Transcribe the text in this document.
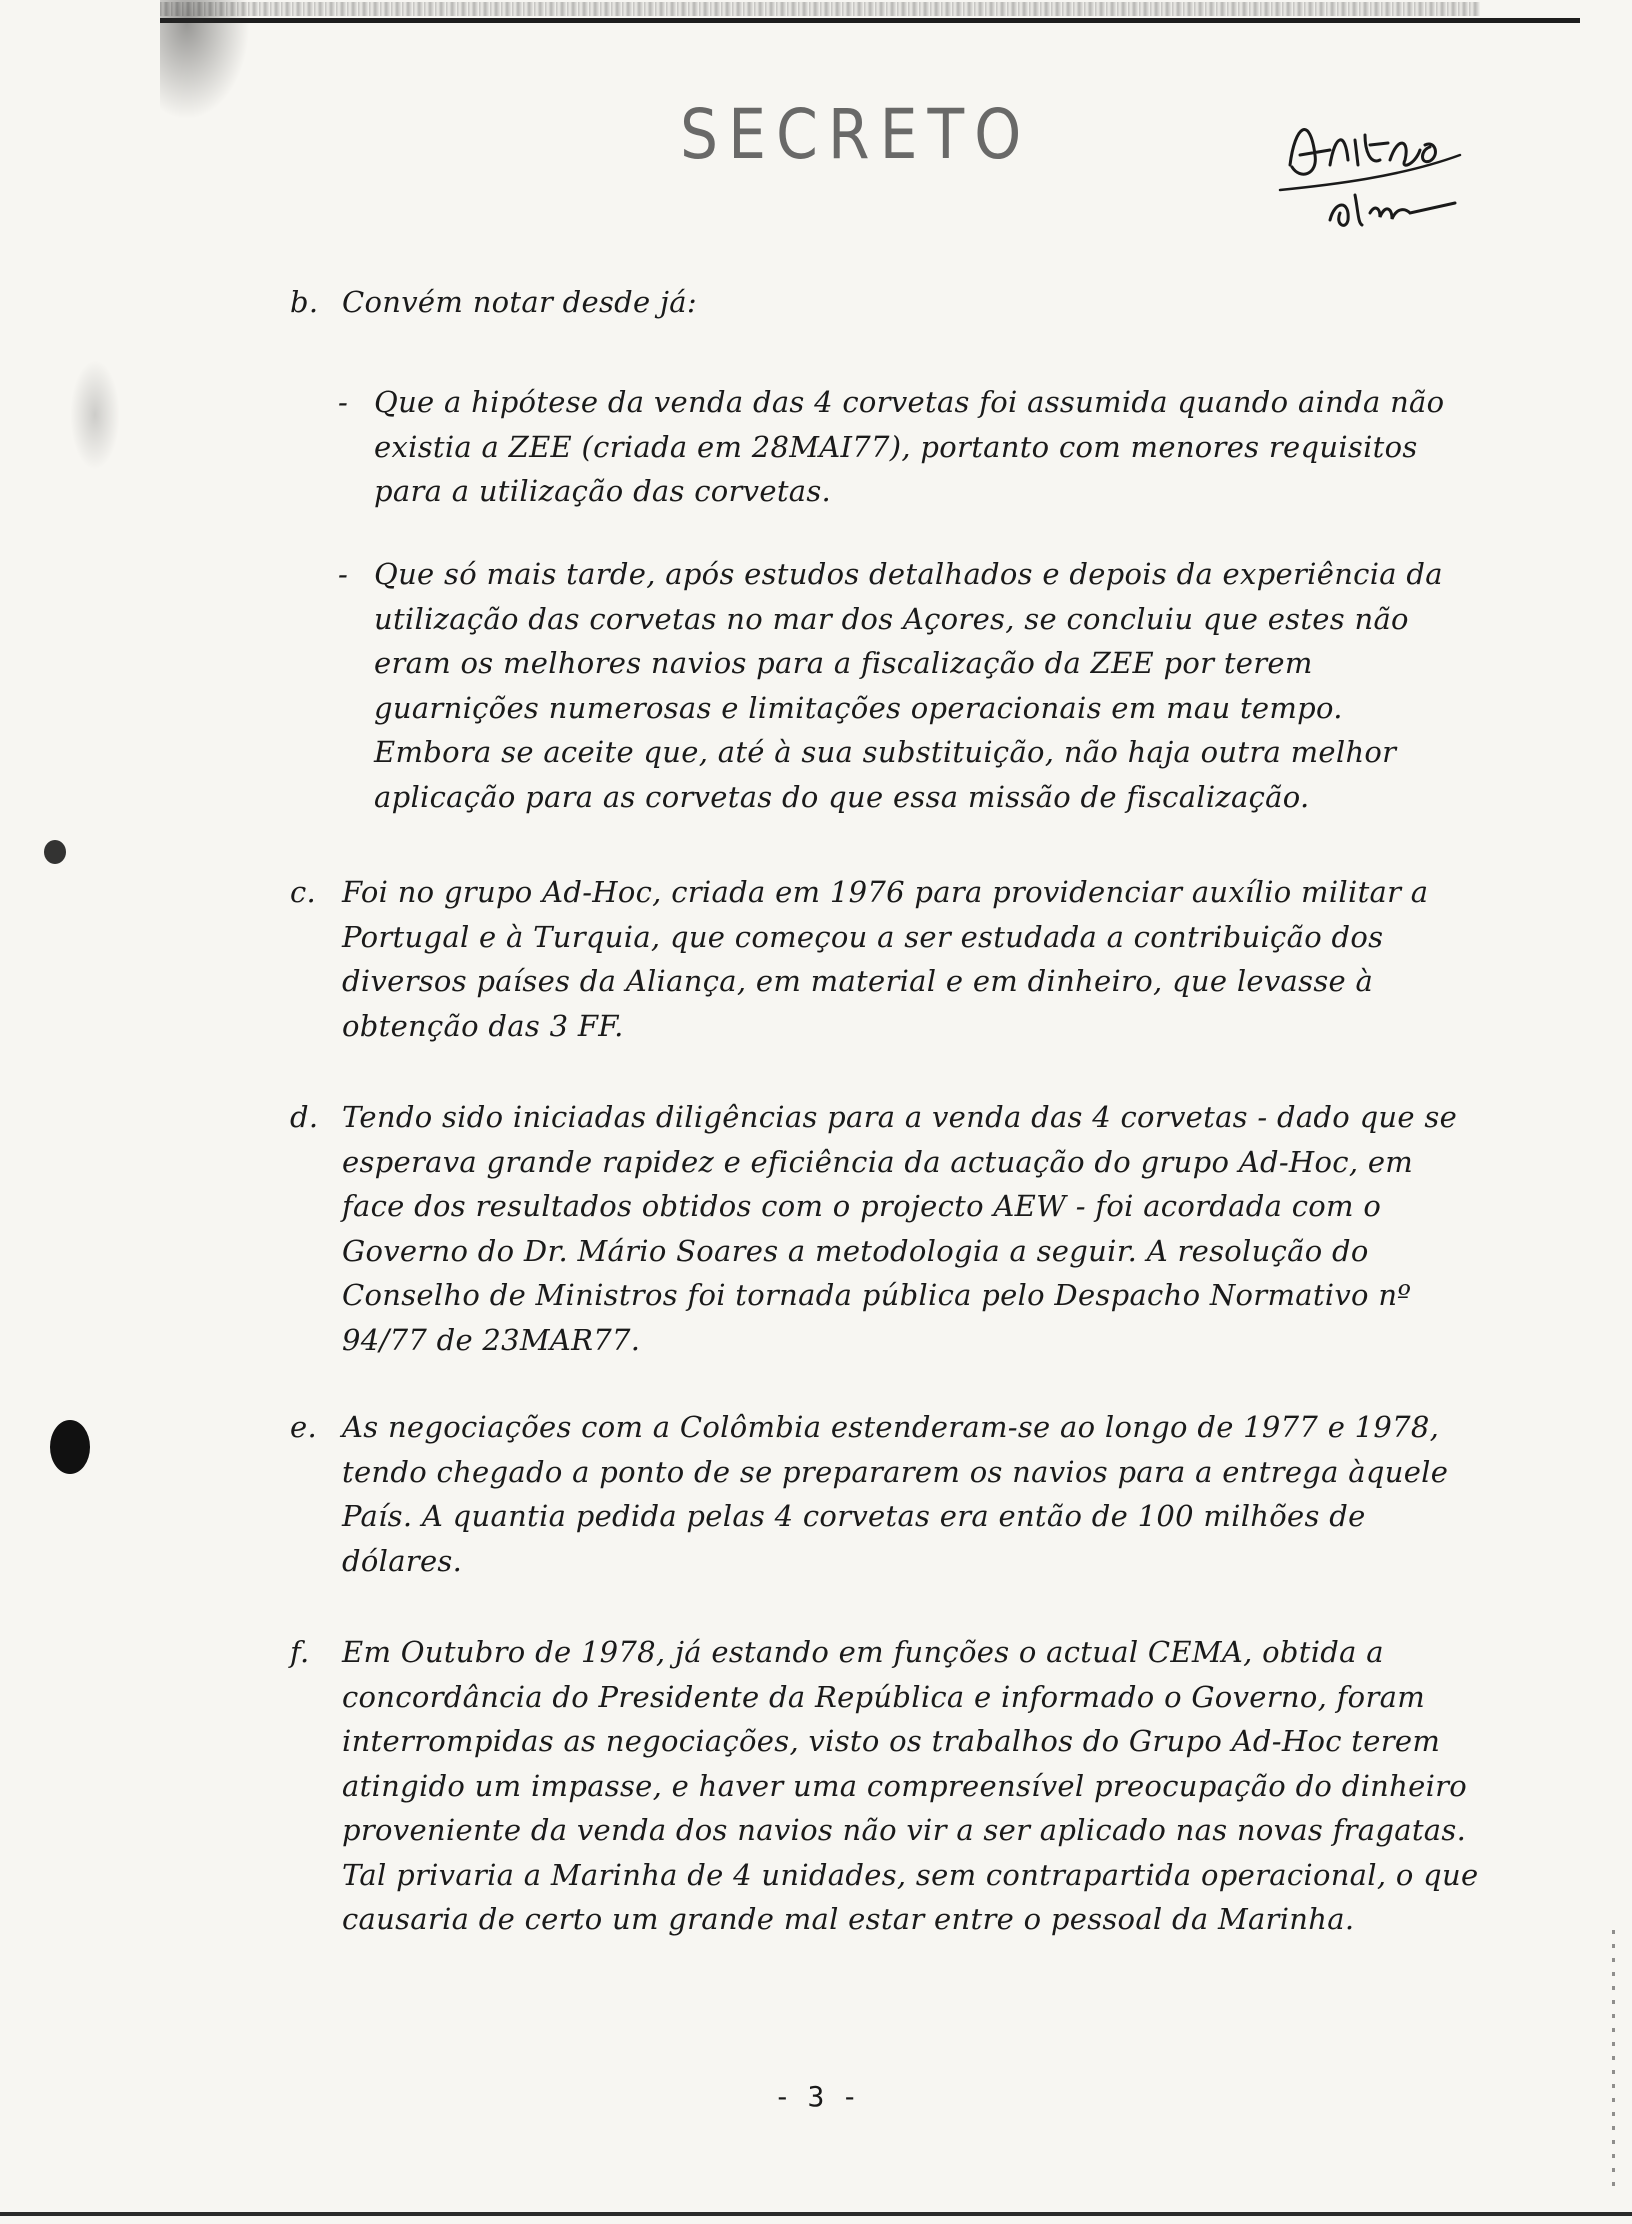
SECRETO
b. Convém notar desde já:
- Que a hipótese da venda das 4 corvetas foi assumida quando ainda não existia a ZEE (criada em 28MAI77), portanto com menores requisitos para a utilização das corvetas.
- Que só mais tarde, após estudos detalhados e depois da experiência da utilização das corvetas no mar dos Açores, se concluiu que estes não eram os melhores navios para a fiscalização da ZEE por terem guarnições numerosas e limitações operacionais em mau tempo. Embora se aceite que, até à sua substituição, não haja outra melhor aplicação para as corvetas do que essa missão de fiscalização.
c. Foi no grupo Ad-Hoc, criada em 1976 para providenciar auxílio militar a Portugal e à Turquia, que começou a ser estudada a contribuição dos diversos países da Aliança, em material e em dinheiro, que levasse à obtenção das 3 FF.
d. Tendo sido iniciadas diligências para a venda das 4 corvetas - dado que se esperava grande rapidez e eficiência da actuação do grupo Ad-Hoc, em face dos resultados obtidos com o projecto AEW - foi acordada com o Governo do Dr. Mário Soares a metodologia a seguir. A resolução do Conselho de Ministros foi tornada pública pelo Despacho Normativo nº 94/77 de 23MAR77.
e. As negociações com a Colômbia estenderam-se ao longo de 1977 e 1978, tendo chegado a ponto de se prepararem os navios para a entrega àquele País. A quantia pedida pelas 4 corvetas era então de 100 milhões de dólares.
f. Em Outubro de 1978, já estando em funções o actual CEMA, obtida a concordância do Presidente da República e informado o Governo, foram interrompidas as negociações, visto os trabalhos do Grupo Ad-Hoc terem atingido um impasse, e haver uma compreensível preocupação do dinheiro proveniente da venda dos navios não vir a ser aplicado nas novas fragatas. Tal privaria a Marinha de 4 unidades, sem contrapartida operacional, o que causaria de certo um grande mal estar entre o pessoal da Marinha.
- 3 -
